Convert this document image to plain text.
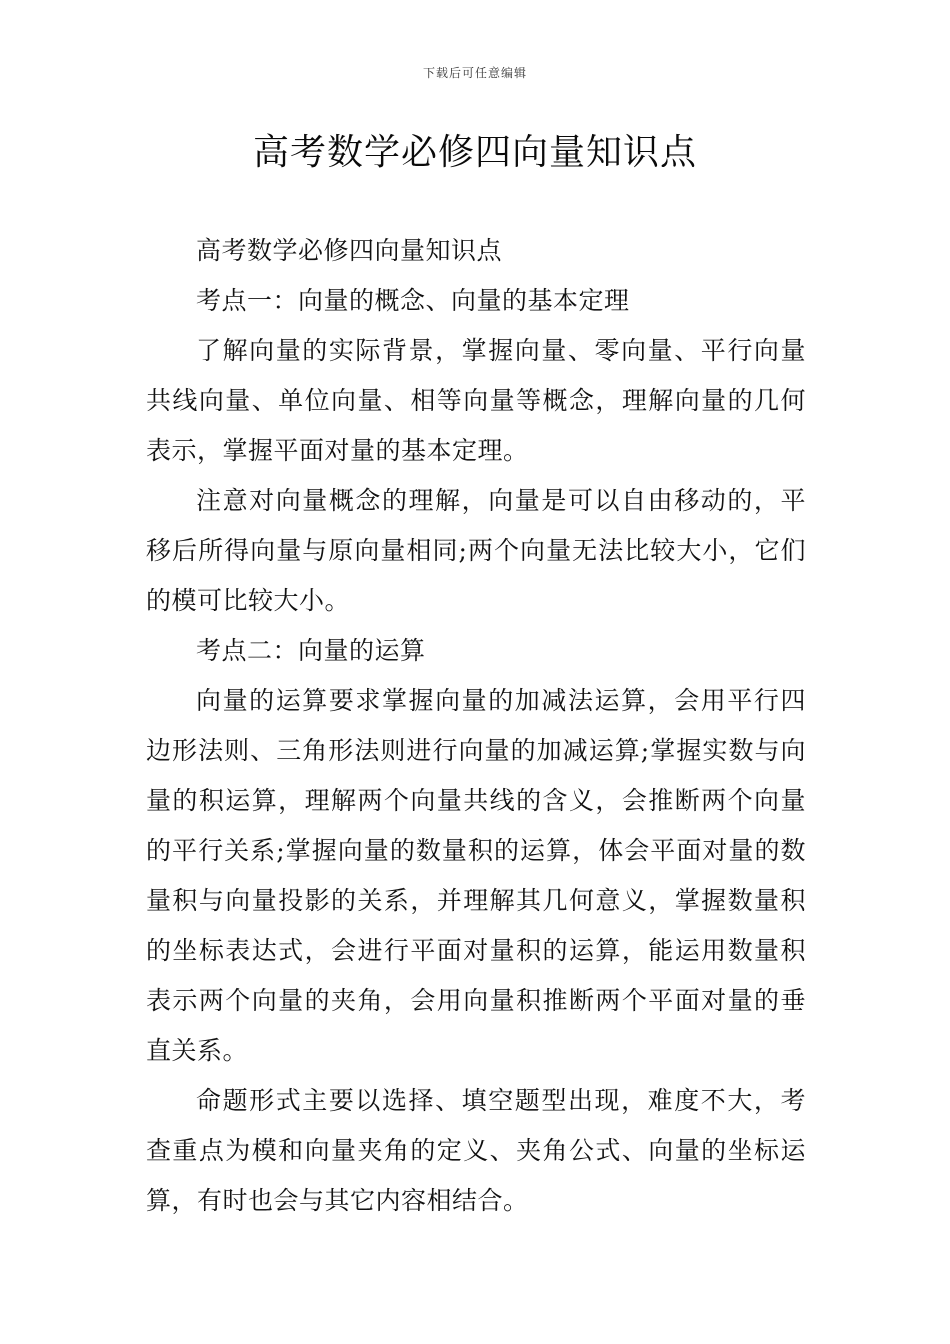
下载后可任意编辑
高考数学必修四向量知识点

高考数学必修四向量知识点

考点一：向量的概念、向量的基本定理

了解向量的实际背景，掌握向量、零向量、平行向量共线向量、单位向量、相等向量等概念，理解向量的几何表示，掌握平面对量的基本定理。

注意对向量概念的理解，向量是可以自由移动的，平移后所得向量与原向量相同;两个向量无法比较大小，它们的模可比较大小。

考点二：向量的运算

向量的运算要求掌握向量的加减法运算，会用平行四边形法则、三角形法则进行向量的加减运算;掌握实数与向量的积运算，理解两个向量共线的含义，会推断两个向量的平行关系;掌握向量的数量积的运算，体会平面对量的数量积与向量投影的关系，并理解其几何意义，掌握数量积的坐标表达式，会进行平面对量积的运算，能运用数量积表示两个向量的夹角，会用向量积推断两个平面对量的垂直关系。

命题形式主要以选择、填空题型出现，难度不大，考查重点为模和向量夹角的定义、夹角公式、向量的坐标运算，有时也会与其它内容相结合。
